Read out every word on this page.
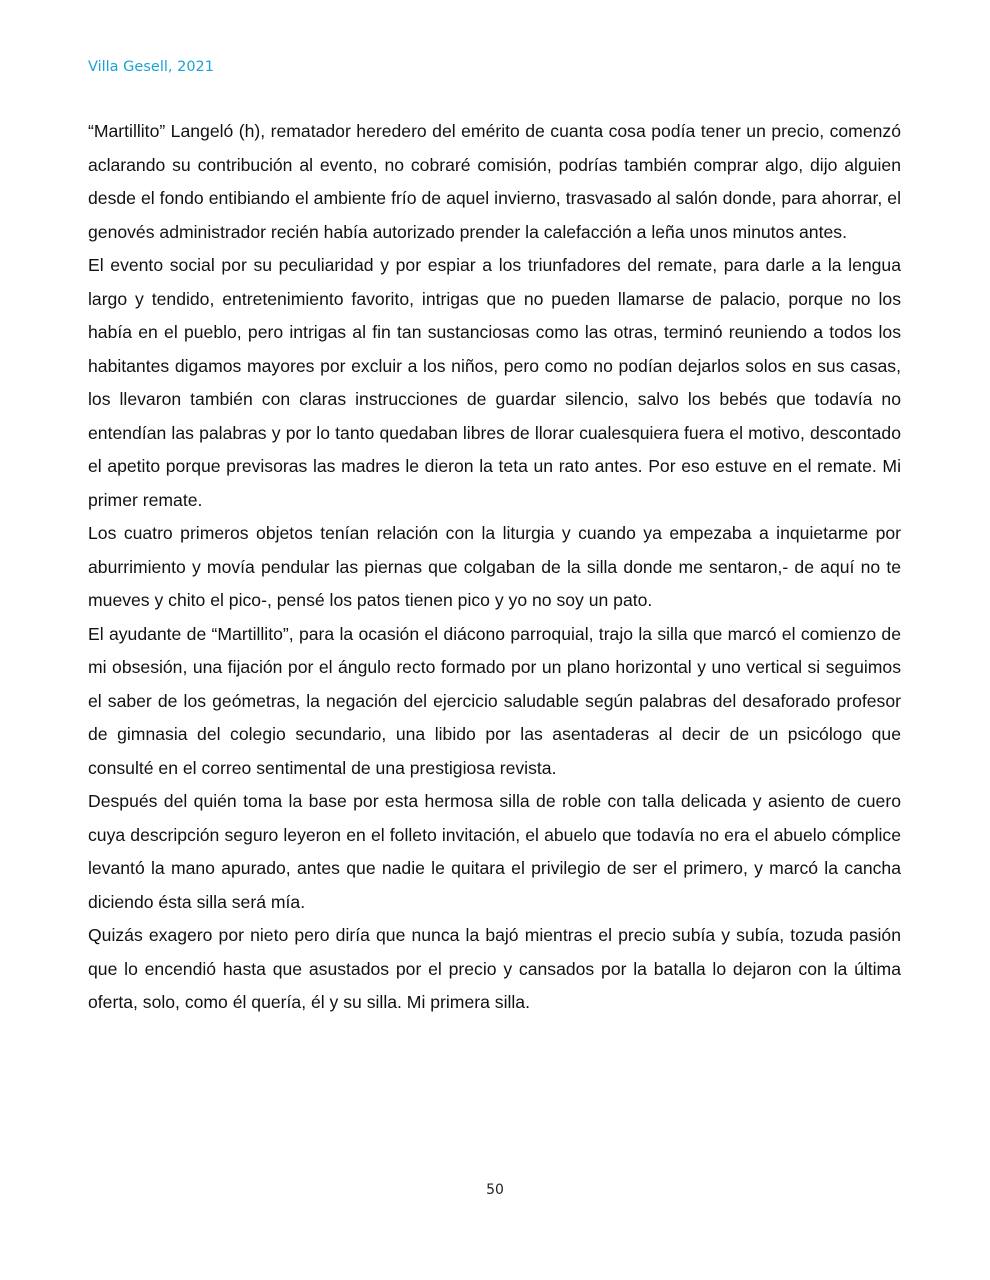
Villa Gesell, 2021

“Martillito” Langeló (h), rematador heredero del emérito de cuanta cosa podía tener un precio, comenzó aclarando su contribución al evento, no cobraré comisión, podrías también comprar algo, dijo alguien desde el fondo entibiando el ambiente frío de aquel invierno, trasvasado al salón donde, para ahorrar, el genovés administrador recién había autorizado prender la calefacción a leña unos minutos antes.

El evento social por su peculiaridad y por espiar a los triunfadores del remate, para darle a la lengua largo y tendido, entretenimiento favorito, intrigas que no pueden llamarse de palacio, porque no los había en el pueblo, pero intrigas al fin tan sustanciosas como las otras, terminó reuniendo a todos los habitantes digamos mayores por excluir a los niños, pero como no podían dejarlos solos en sus casas, los llevaron también con claras instrucciones de guardar silencio, salvo los bebés que todavía no entendían las palabras y por lo tanto quedaban libres de llorar cualesquiera fuera el motivo, descontado el apetito porque previsoras las madres le dieron la teta un rato antes. Por eso estuve en el remate. Mi primer remate.

Los cuatro primeros objetos tenían relación con la liturgia y cuando ya empezaba a inquietarme por aburrimiento y movía pendular las piernas que colgaban de la silla donde me sentaron,- de aquí no te mueves y chito el pico-, pensé los patos tienen pico y yo no soy un pato.

El ayudante de “Martillito”, para la ocasión el diácono parroquial, trajo la silla que marcó el comienzo de mi obsesión, una fijación por el ángulo recto formado por un plano horizontal y uno vertical si seguimos el saber de los geómetras, la negación del ejercicio saludable según palabras del desaforado profesor de gimnasia del colegio secundario, una libido por las asentaderas al decir de un psicólogo que consulté en el correo sentimental de una prestigiosa revista.

Después del quién toma la base por esta hermosa silla de roble con talla delicada y asiento de cuero cuya descripción seguro leyeron en el folleto invitación, el abuelo que todavía no era el abuelo cómplice levantó la mano apurado, antes que nadie le quitara el privilegio de ser el primero, y marcó la cancha diciendo ésta silla será mía.

Quizás exagero por nieto pero diría que nunca la bajó mientras el precio subía y subía, tozuda pasión que lo encendió hasta que asustados por el precio y cansados por la batalla lo dejaron con la última oferta, solo, como él quería, él y su silla. Mi primera silla.

50
